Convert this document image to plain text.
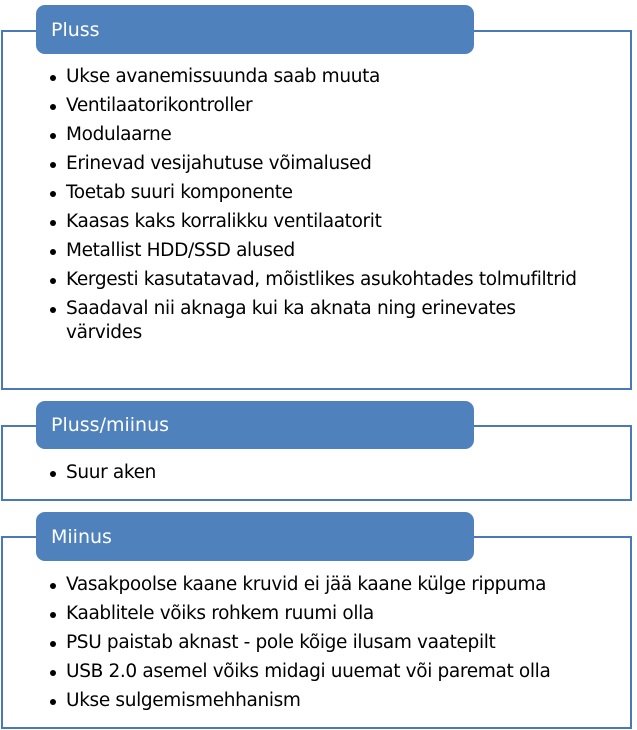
Pluss
Ukse avanemissuunda saab muuta
Ventilaatorikontroller
Modulaarne
Erinevad vesijahutuse võimalused
Toetab suuri komponente
Kaasas kaks korralikku ventilaatorit
Metallist HDD/SSD alused
Kergesti kasutatavad, mõistlikes asukohtades tolmufiltrid
Saadaval nii aknaga kui ka aknata ning erinevates värvides
Pluss/miinus
Suur aken
Miinus
Vasakpoolse kaane kruvid ei jää kaane külge rippuma
Kaablitele võiks rohkem ruumi olla
PSU paistab aknast - pole kõige ilusam vaatepilt
USB 2.0 asemel võiks midagi uuemat või paremat olla
Ukse sulgemismehhanism
